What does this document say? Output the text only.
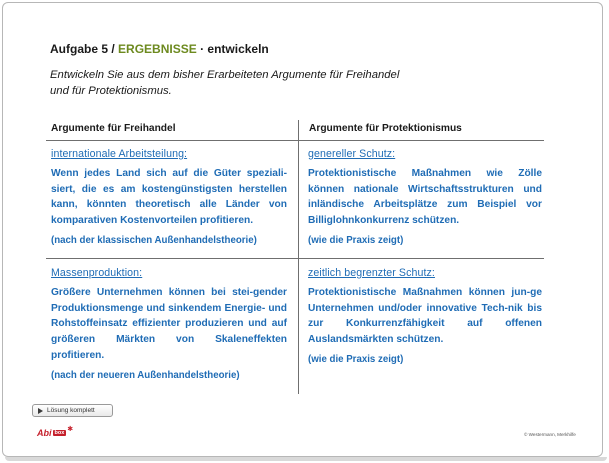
Aufgabe 5 / ERGEBNISSE · entwickeln
Entwickeln Sie aus dem bisher Erarbeiteten Argumente für Freihandel
und für Protektionismus.
Argumente für Freihandel	Argumente für Protektionismus
internationale Arbeitsteilung:
Wenn jedes Land sich auf die Güter speziali-siert, die es am kostengünstigsten herstellen kann, könnten theoretisch alle Länder von komparativen Kostenvorteilen profitieren.
(nach der klassischen Außenhandelstheorie)
genereller Schutz:
Protektionistische Maßnahmen wie Zölle können nationale Wirtschaftsstrukturen und inländische Arbeitsplätze zum Beispiel vor Billiglohnkonkurrenz schützen.
(wie die Praxis zeigt)
Massenproduktion:
Größere Unternehmen können bei stei-gender Produktionsmenge und sinkendem Energie- und Rohstoffeinsatz effizienter produzieren und auf größeren Märkten von Skaleneffekten profitieren.
(nach der neueren Außenhandelstheorie)
zeitlich begrenzter Schutz:
Protektionistische Maßnahmen können jun-ge Unternehmen und/oder innovative Tech-nik bis zur Konkurrenzfähigkeit auf offenen Auslandsmärkten schützen.
(wie die Praxis zeigt)
Lösung komplett
Abi box ✱
© Westermann, Merkhilfe
